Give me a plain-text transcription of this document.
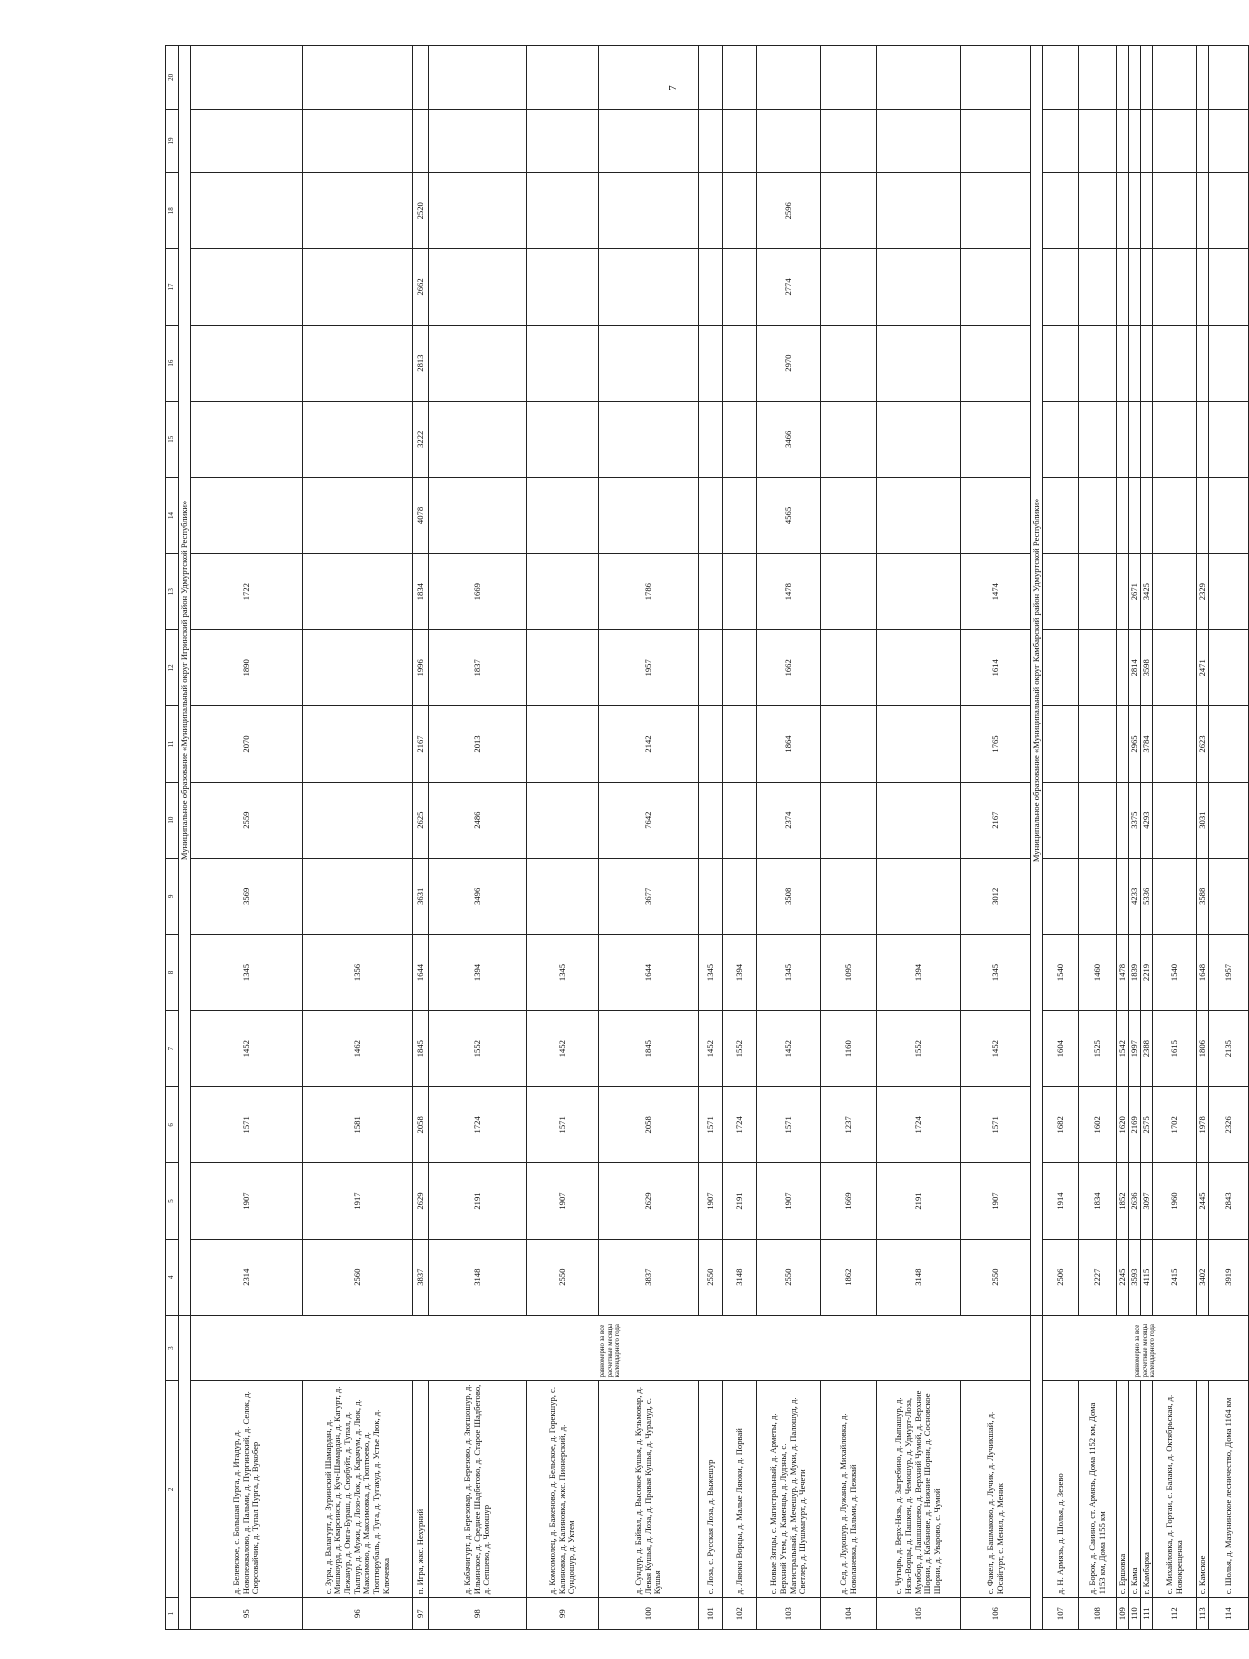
7
1	2	3	4	5	6	7	8	9	10	11	12	13	14	15	16	17	18	19	20
			Муниципальное образование «Муниципальный округ Игринский район Удмуртской Республики»																
95	д. Белевское, с. Большая Пурга, д. Итадур, д. Новопежвалово, д. Пальми, д. Пургинский, д. Селок, д. Сюрсовайчик, д. Тупал Пурга, д. Вукобер	равномерно за все расчетные месяцы календарного года	2314	1907	1571	1452	1345	3569	2559	2070	1890	1722							
96	с. Зура, д. Валагурт, д. Зуринский Шамардан, д. Мишкоурд, д. Кварсинск, д. Куч-Шамардан, д. Кагурт, д. Лежанур, д. Омга-Бураш, д. Сюрбуйт, д. Тупал, д. Тылпур, д. Мужи, д. Лозо-Лок, д. Карачум, д. Люк, д. Максимово, д. Максимовка, д. Тюптюево, д. Тюптюрубаль, д. Туга, д. Тугакуд, д. Устье Люк, д. Ключевка		2560	1917	1581	1462	1356												
97	п. Игра, жкс. Нехурний		3837	2629	2058	1845	1644	3631	2625	2167	1996	1834	4078	3222	2813	2662	2520		
98	д. Кабачигурт, д. Березовар, д. Березово, д. Зюгшошур, д. Ильинское, д. Среднее Шадбегово, д. Старое Шадбегово, д. Сепшево, д. Чомошур		3148	2191	1724	1552	1394	3496	2486	2013	1837	1669							
99	д. Комсомолец, д. Баженово, д. Бельское, д. Горекшур, с. Калиновка, д. Калиновка, жкс. Пионерский, д. Сундошур, д. Уктем		2550	1907	1571	1452	1345												
100	д. Сундур, д. Байвал, д. Высокое Кушья, д. Кузьмовар, д. Левая Кушья, д. Лоза, д. Правая Кушья, д. Чуралуд, с. Кушья		3837	2629	2058	1845	1644	3677	7642	2142	1957	1786							
101	с. Лоза, с. Русская Лоза, д. Выжешур		2550	1907	1571	1452	1345												
102	д. Ляюки Ворцы, д. Малые Ляюки, д. Порвай		3148	2191	1724	1552	1394												
103	с. Новые Зятцы, с. Магистральный, д. Арметы, д. Верхний Утем, д. Каменцы, д. Лудзны, с. Магистральный, д. Мечешур, д. Муки, д. Палошуд, д. Светлер, д. Шушмагурт, д. Чечети		2550	1907	1571	1452	1345	3508	2374	1864	1662	1478	4565	3466	2970	2774	2596		
104	д. Сед, д. Лудошур, д. Лужаны, д. Михайловка, д. Новоланевка, д. Пальми, д. Пежвай		1862	1669	1237	1160	1095												
105	с. Чутырь, д. Верх-Нязь, д. Загребино, д. Лыпашур, д. Нязь-Ворцы, д. Пашкеи, д. Чемошур, д. Удмурт-Лоза, Мумбор, д. Лашшашево, д. Верхний Чумой, д. Верхние Шорни, д. Кабанове, д. Нижние Шорни, д. Сосновское Шорни, д. Уварово, с. Чумой		3148	2191	1724	1552	1394												
106	с. Факел, д. Башмаково, д. Лучик, д. Лучикшай, д. Юсайгурт, с. Менил, д. Меник		2550	1907	1571	1452	1345	3012	2167	1765	1614	1474							
			Муниципальное образование «Муниципальный округ Камбарский район Удмуртской Республики»																
107	д. Н. Армязь, д. Шолья, д. Зезево	равномерно за все расчетные месяцы календарного года	2506	1914	1682	1604	1540												
108	д. Борок, д. Саиино, ст. Армязь, Дома 1152 км, Дома 1153 км, Дома 1155 км		2227	1834	1602	1525	1460												
109	с. Ершовка		2245	1852	1620	1542	1478												
110	с. Кама		3593	2636	2169	1997	1839	4233	3375	2965	2814	2671							
111	г. Камбарка		4115	3097	2575	2388	2219	5336	4293	3784	3598	3425							
112	с. Михайловка, д. Гортаи, с. Балаки, д. Октябрьская, д. Новокрещенка		2415	1960	1702	1615	1540												
113	с. Камское		3402	2445	1978	1806	1648	3588	3031	2623	2471	2329							
114	с. Шолья, д. Мазунинское лесничество, Дома 1164 км		3919	2843	2326	2135	1957												
